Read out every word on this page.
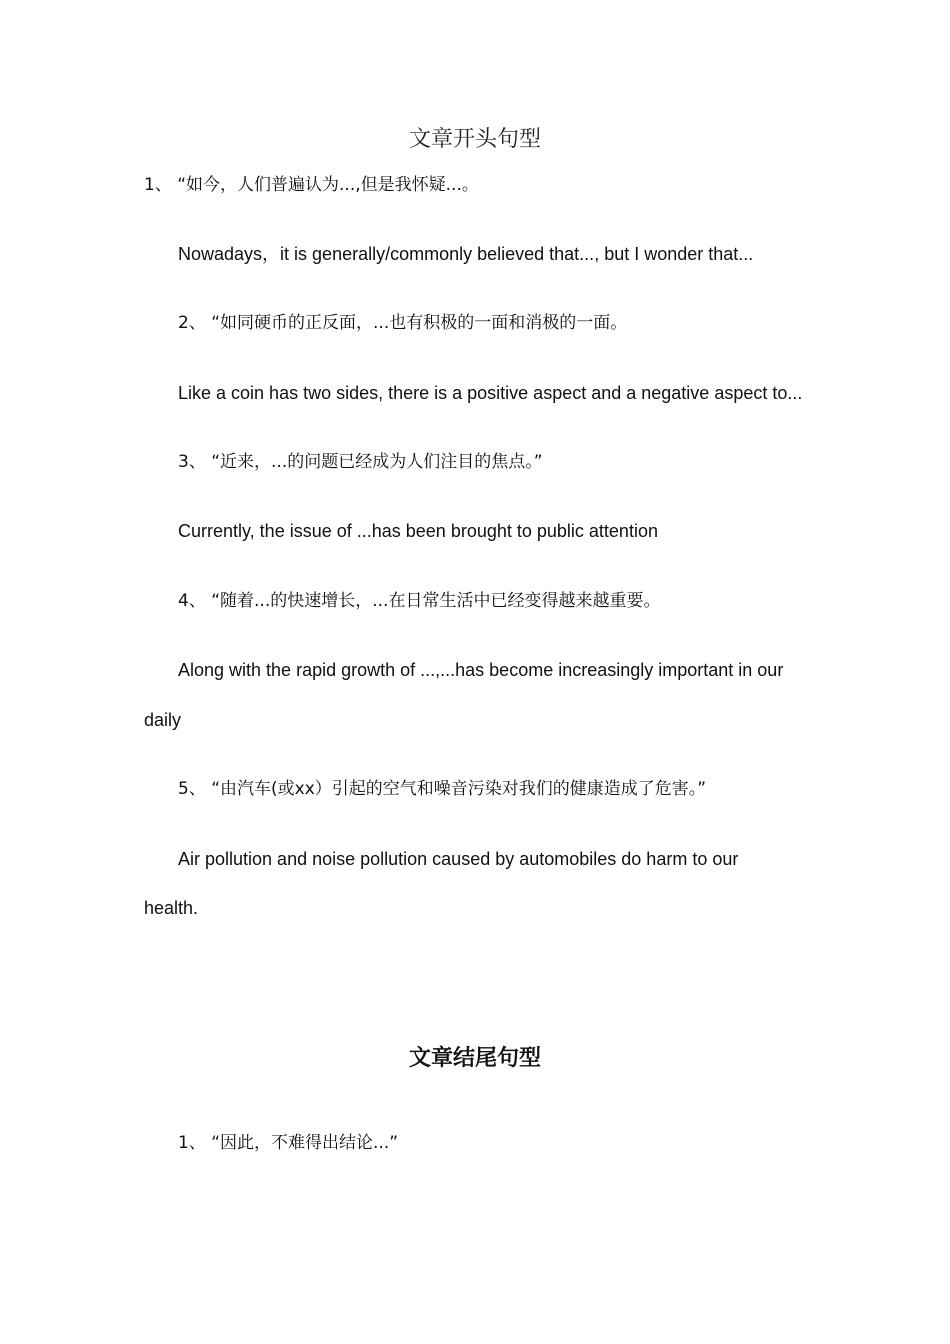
文章开头句型

1、 “如今，人们普遍认为...,但是我怀疑...。

Nowadays，it is generally/commonly believed that..., but I wonder that...

2、 “如同硬币的正反面，...也有积极的一面和消极的一面。

Like a coin has two sides, there is a positive aspect and a negative aspect to...

3、 “近来，...的问题已经成为人们注目的焦点。”

Currently, the issue of ...has been brought to public attention

4、 “随着...的快速增长，...在日常生活中已经变得越来越重要。

Along with the rapid growth of ...,...has become increasingly important in our

daily

5、 “由汽车(或xx）引起的空气和噪音污染对我们的健康造成了危害。”

Air pollution and noise pollution caused by automobiles do harm to our

health.

文章结尾句型

1、 “因此，不难得出结论...”
